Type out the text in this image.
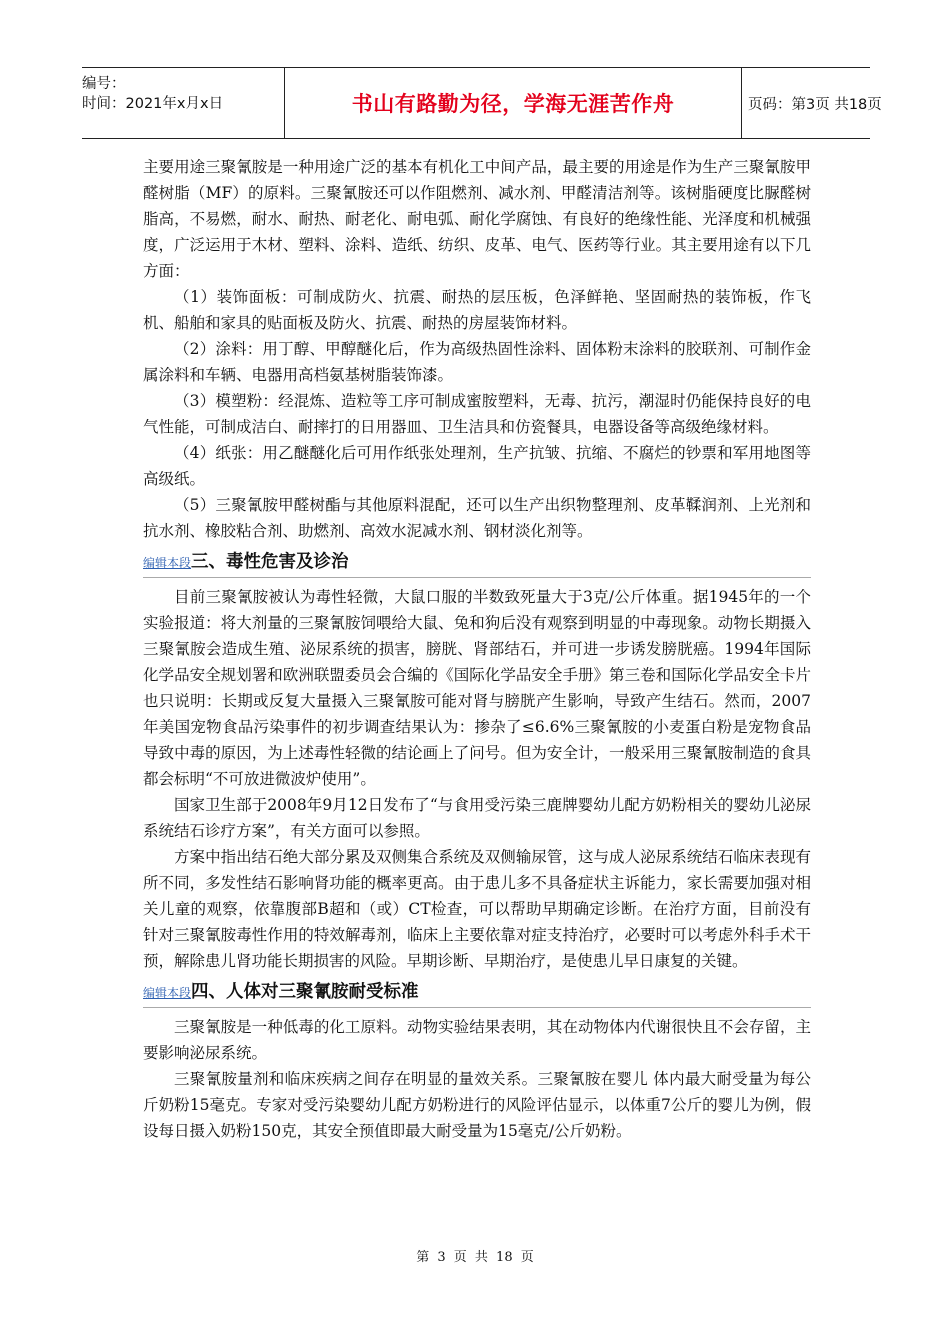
编号：
时间：2021年x月x日	书山有路勤为径，学海无涯苦作舟	页码：第3页 共18页

主要用途三聚氰胺是一种用途广泛的基本有机化工中间产品，最主要的用途是作为生产三聚氰胺甲醛树脂（MF）的原料。三聚氰胺还可以作阻燃剂、减水剂、甲醛清洁剂等。该树脂硬度比脲醛树脂高，不易燃，耐水、耐热、耐老化、耐电弧、耐化学腐蚀、有良好的绝缘性能、光泽度和机械强度，广泛运用于木材、塑料、涂料、造纸、纺织、皮革、电气、医药等行业。其主要用途有以下几方面：

（1）装饰面板：可制成防火、抗震、耐热的层压板，色泽鲜艳、坚固耐热的装饰板，作飞机、船舶和家具的贴面板及防火、抗震、耐热的房屋装饰材料。

（2）涂料：用丁醇、甲醇醚化后，作为高级热固性涂料、固体粉末涂料的胶联剂、可制作金属涂料和车辆、电器用高档氨基树脂装饰漆。

（3）模塑粉：经混炼、造粒等工序可制成蜜胺塑料，无毒、抗污，潮湿时仍能保持良好的电气性能，可制成洁白、耐摔打的日用器皿、卫生洁具和仿瓷餐具，电器设备等高级绝缘材料。

（4）纸张：用乙醚醚化后可用作纸张处理剂，生产抗皱、抗缩、不腐烂的钞票和军用地图等高级纸。

（5）三聚氰胺甲醛树酯与其他原料混配，还可以生产出织物整理剂、皮革鞣润剂、上光剂和抗水剂、橡胶粘合剂、助燃剂、高效水泥减水剂、钢材淡化剂等。

编辑本段三、毒性危害及诊治

目前三聚氰胺被认为毒性轻微，大鼠口服的半数致死量大于3克/公斤体重。据1945年的一个实验报道：将大剂量的三聚氰胺饲喂给大鼠、兔和狗后没有观察到明显的中毒现象。动物长期摄入三聚氰胺会造成生殖、泌尿系统的损害，膀胱、肾部结石，并可进一步诱发膀胱癌。1994年国际化学品安全规划署和欧洲联盟委员会合编的《国际化学品安全手册》第三卷和国际化学品安全卡片也只说明：长期或反复大量摄入三聚氰胺可能对肾与膀胱产生影响，导致产生结石。然而，2007年美国宠物食品污染事件的初步调查结果认为：掺杂了≤6.6%三聚氰胺的小麦蛋白粉是宠物食品导致中毒的原因，为上述毒性轻微的结论画上了问号。但为安全计，一般采用三聚氰胺制造的食具都会标明“不可放进微波炉使用”。

国家卫生部于2008年9月12日发布了“与食用受污染三鹿牌婴幼儿配方奶粉相关的婴幼儿泌尿系统结石诊疗方案”，有关方面可以参照。

方案中指出结石绝大部分累及双侧集合系统及双侧输尿管，这与成人泌尿系统结石临床表现有所不同，多发性结石影响肾功能的概率更高。由于患儿多不具备症状主诉能力，家长需要加强对相关儿童的观察，依靠腹部B超和（或）CT检查，可以帮助早期确定诊断。在治疗方面，目前没有针对三聚氰胺毒性作用的特效解毒剂，临床上主要依靠对症支持治疗，必要时可以考虑外科手术干预，解除患儿肾功能长期损害的风险。早期诊断、早期治疗，是使患儿早日康复的关键。

编辑本段四、人体对三聚氰胺耐受标准

三聚氰胺是一种低毒的化工原料。动物实验结果表明，其在动物体内代谢很快且不会存留，主要影响泌尿系统。

三聚氰胺量剂和临床疾病之间存在明显的量效关系。三聚氰胺在婴儿 体内最大耐受量为每公斤奶粉15毫克。专家对受污染婴幼儿配方奶粉进行的风险评估显示，以体重7公斤的婴儿为例，假设每日摄入奶粉150克，其安全预值即最大耐受量为15毫克/公斤奶粉。

第 3 页 共 18 页
